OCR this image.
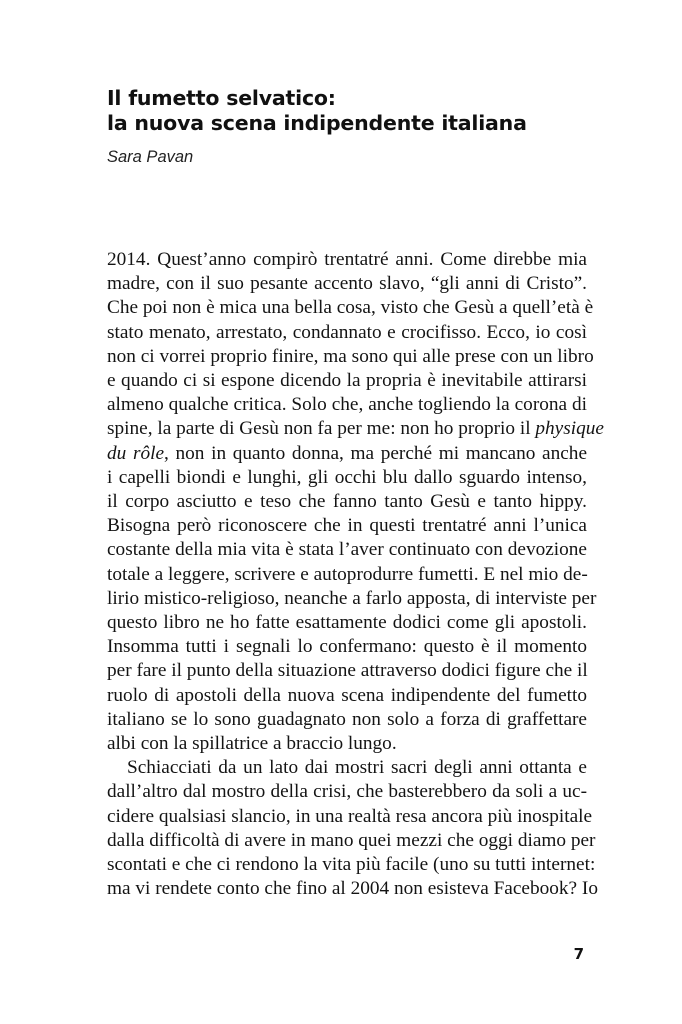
Il fumetto selvatico:
la nuova scena indipendente italiana

Sara Pavan

2014. Quest’anno compirò trentatré anni. Come direbbe mia
madre, con il suo pesante accento slavo, “gli anni di Cristo”.
Che poi non è mica una bella cosa, visto che Gesù a quell’età è
stato menato, arrestato, condannato e crocifisso. Ecco, io così
non ci vorrei proprio finire, ma sono qui alle prese con un libro
e quando ci si espone dicendo la propria è inevitabile attirarsi
almeno qualche critica. Solo che, anche togliendo la corona di
spine, la parte di Gesù non fa per me: non ho proprio il physique
du rôle, non in quanto donna, ma perché mi mancano anche
i capelli biondi e lunghi, gli occhi blu dallo sguardo intenso,
il corpo asciutto e teso che fanno tanto Gesù e tanto hippy.
Bisogna però riconoscere che in questi trentatré anni l’unica
costante della mia vita è stata l’aver continuato con devozione
totale a leggere, scrivere e autoprodurre fumetti. E nel mio de-
lirio mistico-religioso, neanche a farlo apposta, di interviste per
questo libro ne ho fatte esattamente dodici come gli apostoli.
Insomma tutti i segnali lo confermano: questo è il momento
per fare il punto della situazione attraverso dodici figure che il
ruolo di apostoli della nuova scena indipendente del fumetto
italiano se lo sono guadagnato non solo a forza di graffettare
albi con la spillatrice a braccio lungo.
Schiacciati da un lato dai mostri sacri degli anni ottanta e
dall’altro dal mostro della crisi, che basterebbero da soli a uc-
cidere qualsiasi slancio, in una realtà resa ancora più inospitale
dalla difficoltà di avere in mano quei mezzi che oggi diamo per
scontati e che ci rendono la vita più facile (uno su tutti internet:
ma vi rendete conto che fino al 2004 non esisteva Facebook? Io
7
